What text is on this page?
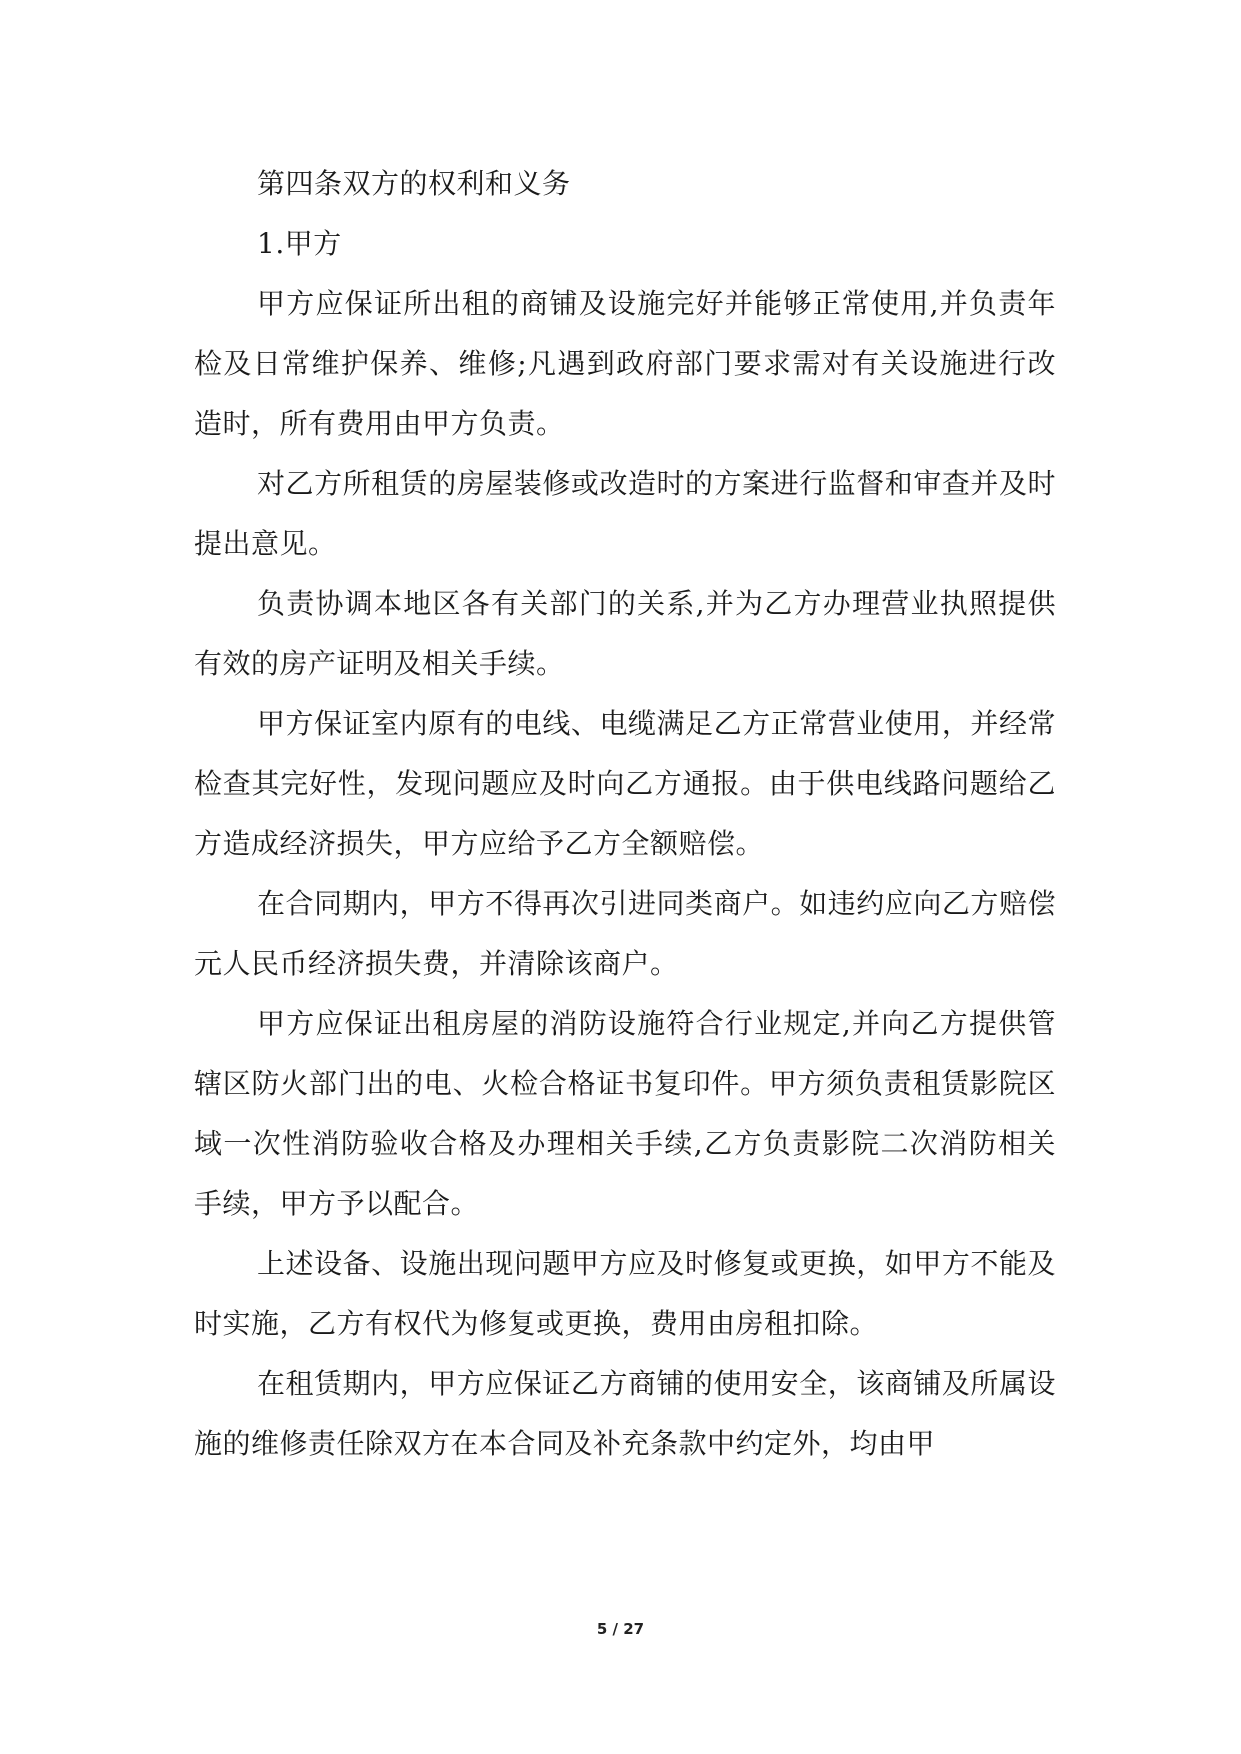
第四条双方的权利和义务

1.甲方

甲方应保证所出租的商铺及设施完好并能够正常使用,并负责年检及日常维护保养、维修;凡遇到政府部门要求需对有关设施进行改造时，所有费用由甲方负责。

对乙方所租赁的房屋装修或改造时的方案进行监督和审查并及时提出意见。

负责协调本地区各有关部门的关系,并为乙方办理营业执照提供有效的房产证明及相关手续。

甲方保证室内原有的电线、电缆满足乙方正常营业使用，并经常检查其完好性，发现问题应及时向乙方通报。由于供电线路问题给乙方造成经济损失，甲方应给予乙方全额赔偿。

在合同期内，甲方不得再次引进同类商户。如违约应向乙方赔偿元人民币经济损失费，并清除该商户。

甲方应保证出租房屋的消防设施符合行业规定,并向乙方提供管辖区防火部门出的电、火检合格证书复印件。甲方须负责租赁影院区域一次性消防验收合格及办理相关手续,乙方负责影院二次消防相关手续，甲方予以配合。

上述设备、设施出现问题甲方应及时修复或更换，如甲方不能及时实施，乙方有权代为修复或更换，费用由房租扣除。

在租赁期内，甲方应保证乙方商铺的使用安全，该商铺及所属设施的维修责任除双方在本合同及补充条款中约定外，均由甲

5 / 27
